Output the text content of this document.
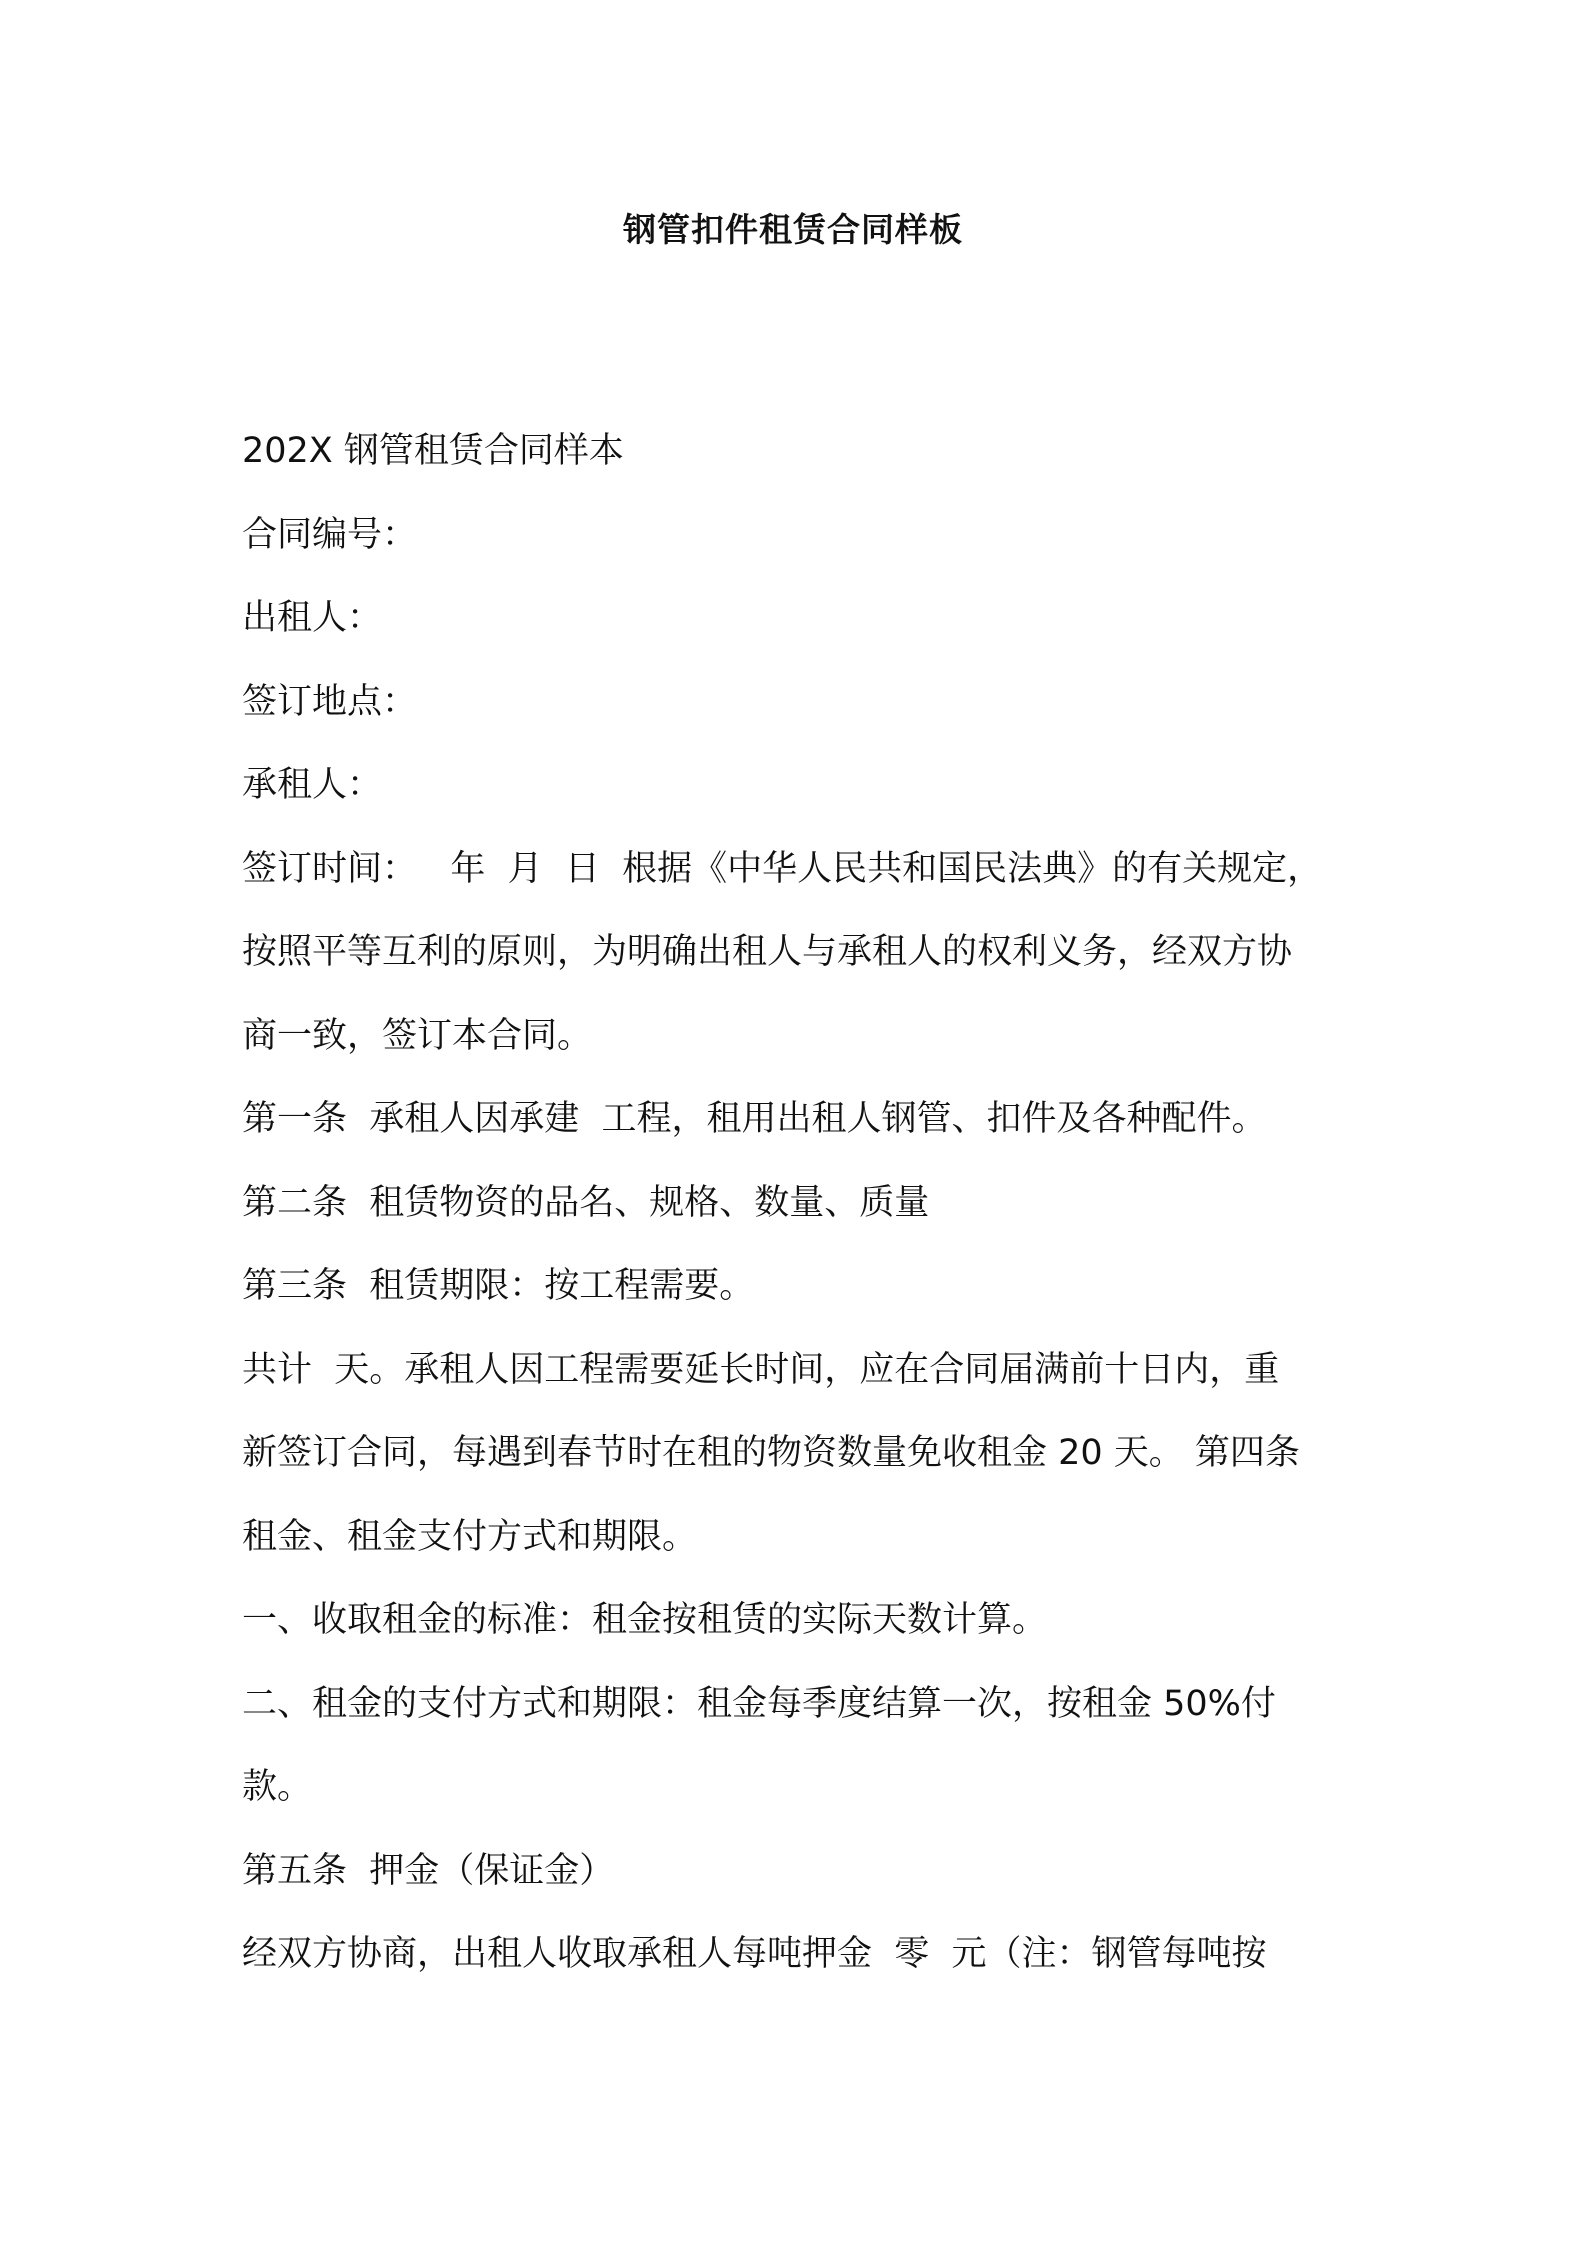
钢管扣件租赁合同样板
202X 钢管租赁合同样本
合同编号：
出租人：
签订地点：
承租人：
签订时间：   年  月  日  根据《中华人民共和国民法典》的有关规定，
按照平等互利的原则，为明确出租人与承租人的权利义务，经双方协
商一致，签订本合同。
第一条  承租人因承建  工程，租用出租人钢管、扣件及各种配件。
第二条  租赁物资的品名、规格、数量、质量
第三条  租赁期限：按工程需要。
共计  天。承租人因工程需要延长时间，应在合同届满前十日内，重
新签订合同，每遇到春节时在租的物资数量免收租金 20 天。 第四条
租金、租金支付方式和期限。
一、收取租金的标准：租金按租赁的实际天数计算。
二、租金的支付方式和期限：租金每季度结算一次，按租金 50%付
款。
第五条  押金（保证金）
经双方协商，出租人收取承租人每吨押金  零  元（注：钢管每吨按
